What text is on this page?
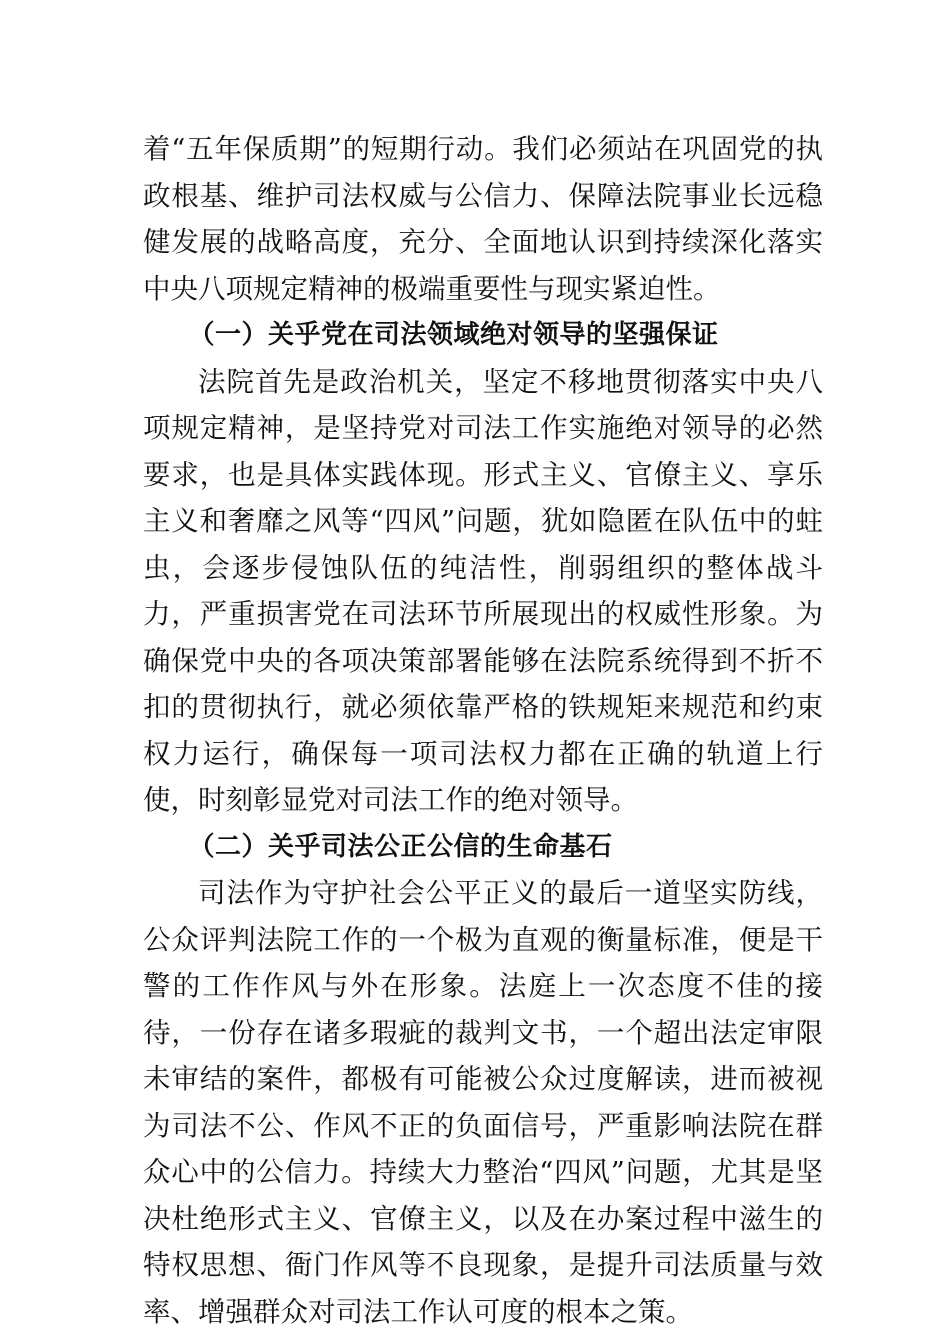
着“五年保质期”的短期行动。我们必须站在巩固党的执政根基、维护司法权威与公信力、保障法院事业长远稳健发展的战略高度，充分、全面地认识到持续深化落实中央八项规定精神的极端重要性与现实紧迫性。

（一）关乎党在司法领域绝对领导的坚强保证

法院首先是政治机关，坚定不移地贯彻落实中央八项规定精神，是坚持党对司法工作实施绝对领导的必然要求，也是具体实践体现。形式主义、官僚主义、享乐主义和奢靡之风等“四风”问题，犹如隐匿在队伍中的蛀虫，会逐步侵蚀队伍的纯洁性，削弱组织的整体战斗力，严重损害党在司法环节所展现出的权威性形象。为确保党中央的各项决策部署能够在法院系统得到不折不扣的贯彻执行，就必须依靠严格的铁规矩来规范和约束权力运行，确保每一项司法权力都在正确的轨道上行使，时刻彰显党对司法工作的绝对领导。

（二）关乎司法公正公信的生命基石

司法作为守护社会公平正义的最后一道坚实防线，公众评判法院工作的一个极为直观的衡量标准，便是干警的工作作风与外在形象。法庭上一次态度不佳的接待，一份存在诸多瑕疵的裁判文书，一个超出法定审限未审结的案件，都极有可能被公众过度解读，进而被视为司法不公、作风不正的负面信号，严重影响法院在群众心中的公信力。持续大力整治“四风”问题，尤其是坚决杜绝形式主义、官僚主义，以及在办案过程中滋生的特权思想、衙门作风等不良现象，是提升司法质量与效率、增强群众对司法工作认可度的根本之策。
